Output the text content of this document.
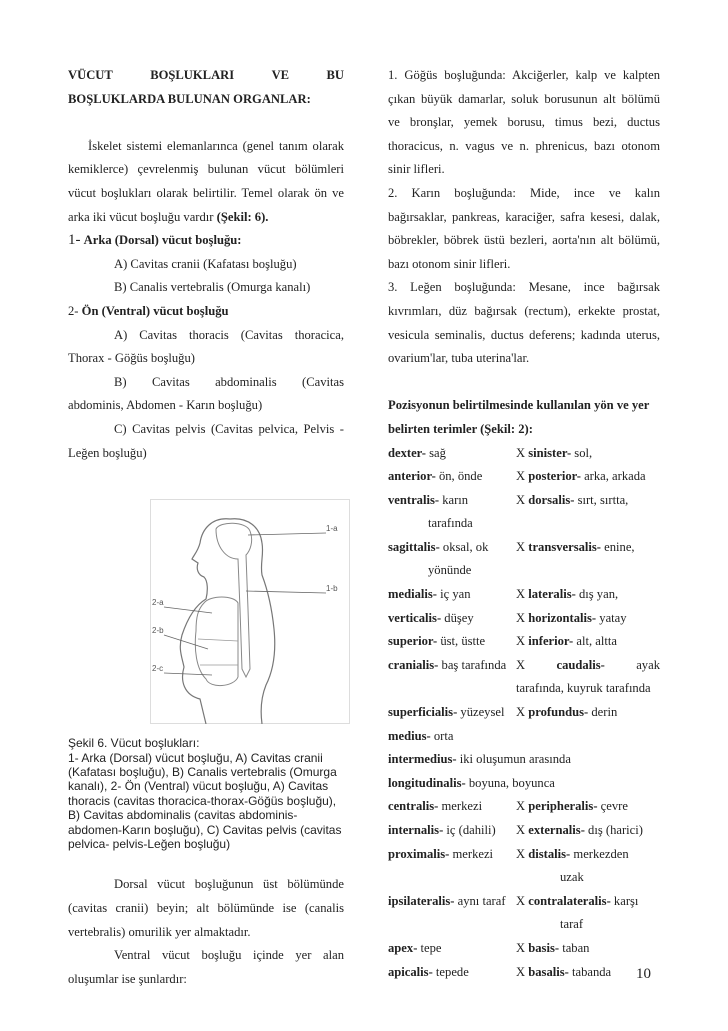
VÜCUT	BOŞLUKLARI	VE	BU
BOŞLUKLARDA BULUNAN ORGANLAR:
İskelet sistemi elemanlarınca (genel tanım olarak
kemiklerce) çevrelenmiş bulunan vücut bölümleri
vücut boşlukları olarak belirtilir. Temel olarak ön ve
arka iki vücut boşluğu vardır (Şekil: 6).
1- Arka (Dorsal) vücut boşluğu:
A) Cavitas cranii (Kafatası boşluğu)
B) Canalis vertebralis (Omurga kanalı)
2- Ön (Ventral) vücut boşluğu
A) Cavitas thoracis (Cavitas thoracica,
Thorax - Göğüs boşluğu)
B) Cavitas abdominalis (Cavitas
abdominis, Abdomen - Karın boşluğu)
C) Cavitas pelvis (Cavitas pelvica, Pelvis -
Leğen boşluğu)
1-a
1-b
2-a
2-b
2-c
Şekil 6. Vücut boşlukları:
1- Arka (Dorsal) vücut boşluğu, A) Cavitas cranii
(Kafatası boşluğu), B) Canalis vertebralis (Omurga
kanalı), 2- Ön (Ventral) vücut boşluğu, A) Cavitas
thoracis (cavitas thoracica-thorax-Göğüs boşluğu),
B) Cavitas abdominalis (cavitas abdominis-
abdomen-Karın boşluğu), C) Cavitas pelvis (cavitas
pelvica- pelvis-Leğen boşluğu)
Dorsal vücut boşluğunun üst bölümünde
(cavitas cranii) beyin; alt bölümünde ise (canalis
vertebralis) omurilik yer almaktadır.
Ventral vücut boşluğu içinde yer alan
oluşumlar ise şunlardır:
1. Göğüs boşluğunda: Akciğerler, kalp ve kalpten
çıkan büyük damarlar, soluk borusunun alt bölümü
ve bronşlar, yemek borusu, timus bezi, ductus
thoracicus, n. vagus ve n. phrenicus, bazı otonom
sinir lifleri.
2. Karın boşluğunda: Mide, ince ve kalın
bağırsaklar, pankreas, karaciğer, safra kesesi, dalak,
böbrekler, böbrek üstü bezleri, aorta'nın alt bölümü,
bazı otonom sinir lifleri.
3. Leğen boşluğunda: Mesane, ince bağırsak
kıvrımları, düz bağırsak (rectum), erkekte prostat,
vesicula seminalis, ductus deferens; kadında uterus,
ovarium'lar, tuba uterina'lar.
Pozisyonun belirtilmesinde kullanılan yön ve yer
belirten terimler (Şekil: 2):
dexter- sağ	X sinister- sol,
anterior- ön, önde	X posterior- arka, arkada
ventralis- karın	X dorsalis- sırt, sırtta,
tarafında
sagittalis- oksal, ok	X transversalis- enine,
yönünde
medialis- iç yan	X lateralis- dış yan,
verticalis- düşey	X horizontalis- yatay
superior- üst, üstte	X inferior- alt, altta
cranialis- baş tarafında X caudalis- ayak
tarafında, kuyruk tarafında
superficialis- yüzeysel X profundus- derin
medius- orta
intermedius- iki oluşumun arasında
longitudinalis- boyuna, boyunca
centralis- merkezi	X peripheralis- çevre
internalis- iç (dahili)	X externalis- dış (harici)
proximalis- merkezi	X distalis- merkezden
uzak
ipsilateralis- aynı taraf X contralateralis- karşı
taraf
apex- tepe	X basis- taban
apicalis- tepede	X basalis- tabanda	10
